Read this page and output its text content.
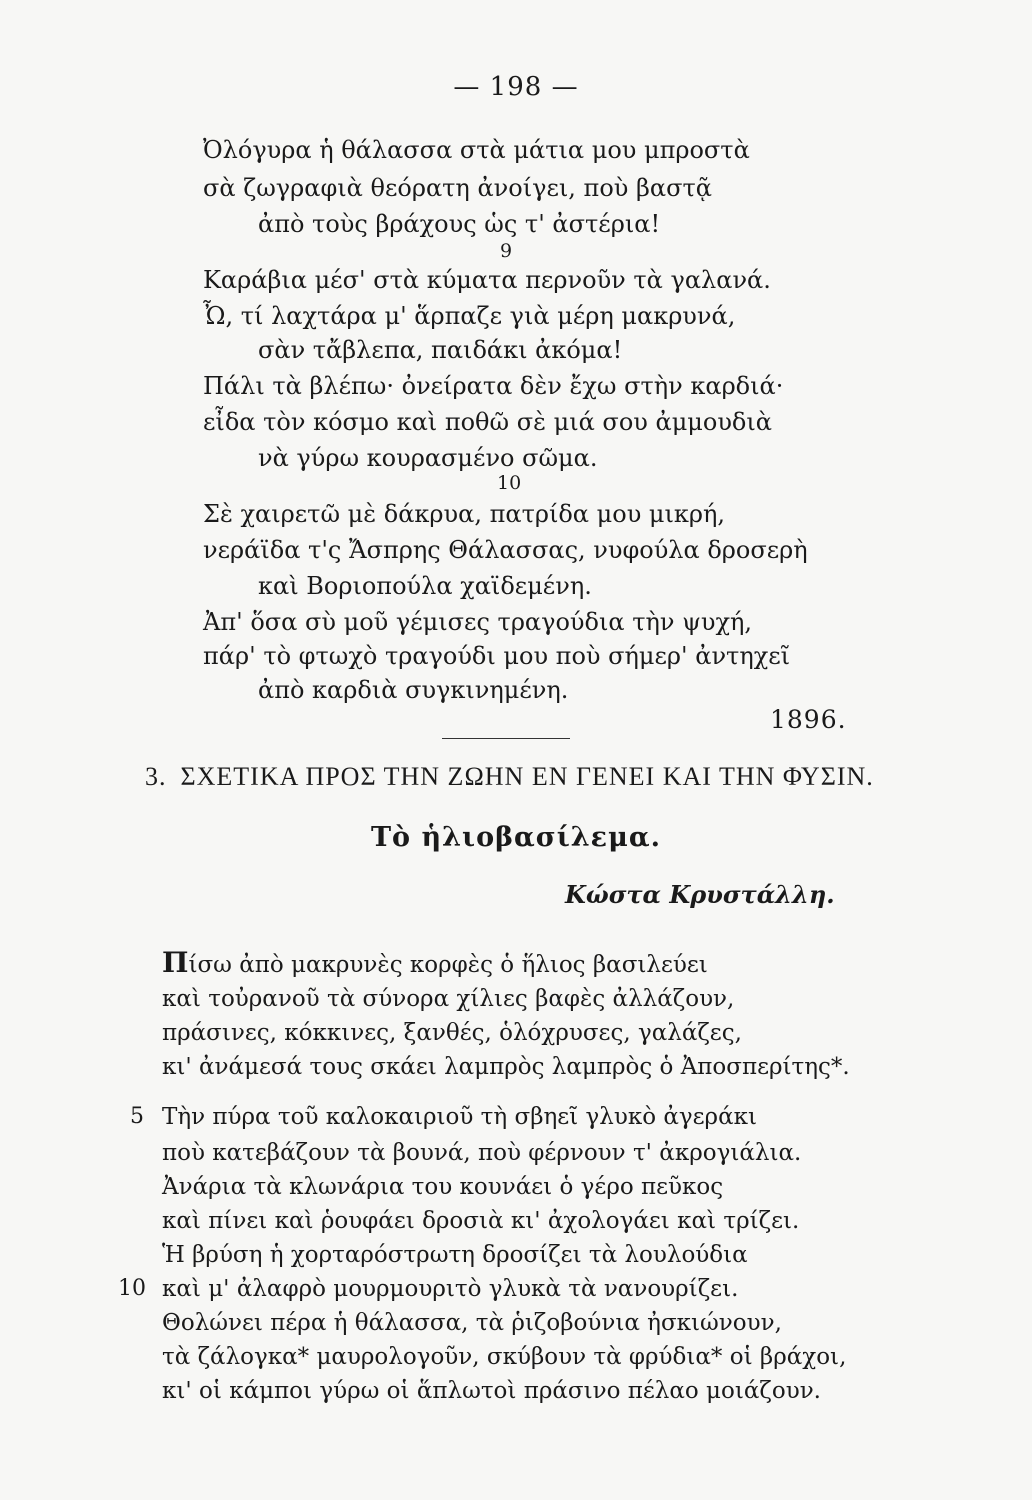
— 198 —
Ὀλόγυρα ἡ θάλασσα στὰ μάτια μου μπροστὰ
σὰ ζωγραφιὰ θεόρατη ἀνοίγει, ποὺ βαστᾷ
ἀπὸ τοὺς βράχους ὡς τ' ἀστέρια!
9
Καράβια μέσ' στὰ κύματα περνοῦν τὰ γαλανά.
Ὦ, τί λαχτάρα μ' ἅρπαζε γιὰ μέρη μακρυνά,
σὰν τἄβλεπα, παιδάκι ἀκόμα!
Πάλι τὰ βλέπω· ὀνείρατα δὲν ἔχω στὴν καρδιά·
εἶδα τὸν κόσμο καὶ ποθῶ σὲ μιά σου ἀμμουδιὰ
νὰ γύρω κουρασμένο σῶμα.
10
Σὲ χαιρετῶ μὲ δάκρυα, πατρίδα μου μικρή,
νεράϊδα τ'ς Ἄσπρης Θάλασσας, νυφούλα δροσερὴ
καὶ Βοριοπούλα χαϊδεμένη.
Ἀπ' ὅσα σὺ μοῦ γέμισες τραγούδια τὴν ψυχή,
πάρ' τὸ φτωχὸ τραγούδι μου ποὺ σήμερ' ἀντηχεῖ
ἀπὸ καρδιὰ συγκινημένη.
1896.
3. ΣΧΕΤΙΚΑ ΠΡΟΣ ΤΗΝ ΖΩΗΝ ΕΝ ΓΕΝΕΙ ΚΑΙ ΤΗΝ ΦΥΣΙΝ.
Τὸ ἡλιοβασίλεμα.
Κώστα Κρυστάλλη.
Πίσω ἀπὸ μακρυνὲς κορφὲς ὁ ἥλιος βασιλεύει
καὶ τοὐρανοῦ τὰ σύνορα χίλιες βαφὲς ἀλλάζουν,
πράσινες, κόκκινες, ξανθές, ὁλόχρυσες, γαλάζες,
κι' ἀνάμεσά τους σκάει λαμπρὸς λαμπρὸς ὁ Ἀποσπερίτης*.
5 Τὴν πύρα τοῦ καλοκαιριοῦ τὴ σβηεῖ γλυκὸ ἀγεράκι
ποὺ κατεβάζουν τὰ βουνά, ποὺ φέρνουν τ' ἀκρογιάλια.
Ἀνάρια τὰ κλωνάρια του κουνάει ὁ γέρο πεῦκος
καὶ πίνει καὶ ῥουφάει δροσιὰ κι' ἀχολογάει καὶ τρίζει.
Ἡ βρύση ἡ χορταρόστρωτη δροσίζει τὰ λουλούδια
10 καὶ μ' ἀλαφρὸ μουρμουριτὸ γλυκὰ τὰ νανουρίζει.
Θολώνει πέρα ἡ θάλασσα, τὰ ῥιζοβούνια ἠσκιώνουν,
τὰ ζάλογκα* μαυρολογοῦν, σκύβουν τὰ φρύδια* οἱ βράχοι,
κι' οἱ κάμποι γύρω οἱ ἅπλωτοὶ πράσινο πέλαο μοιάζουν.
